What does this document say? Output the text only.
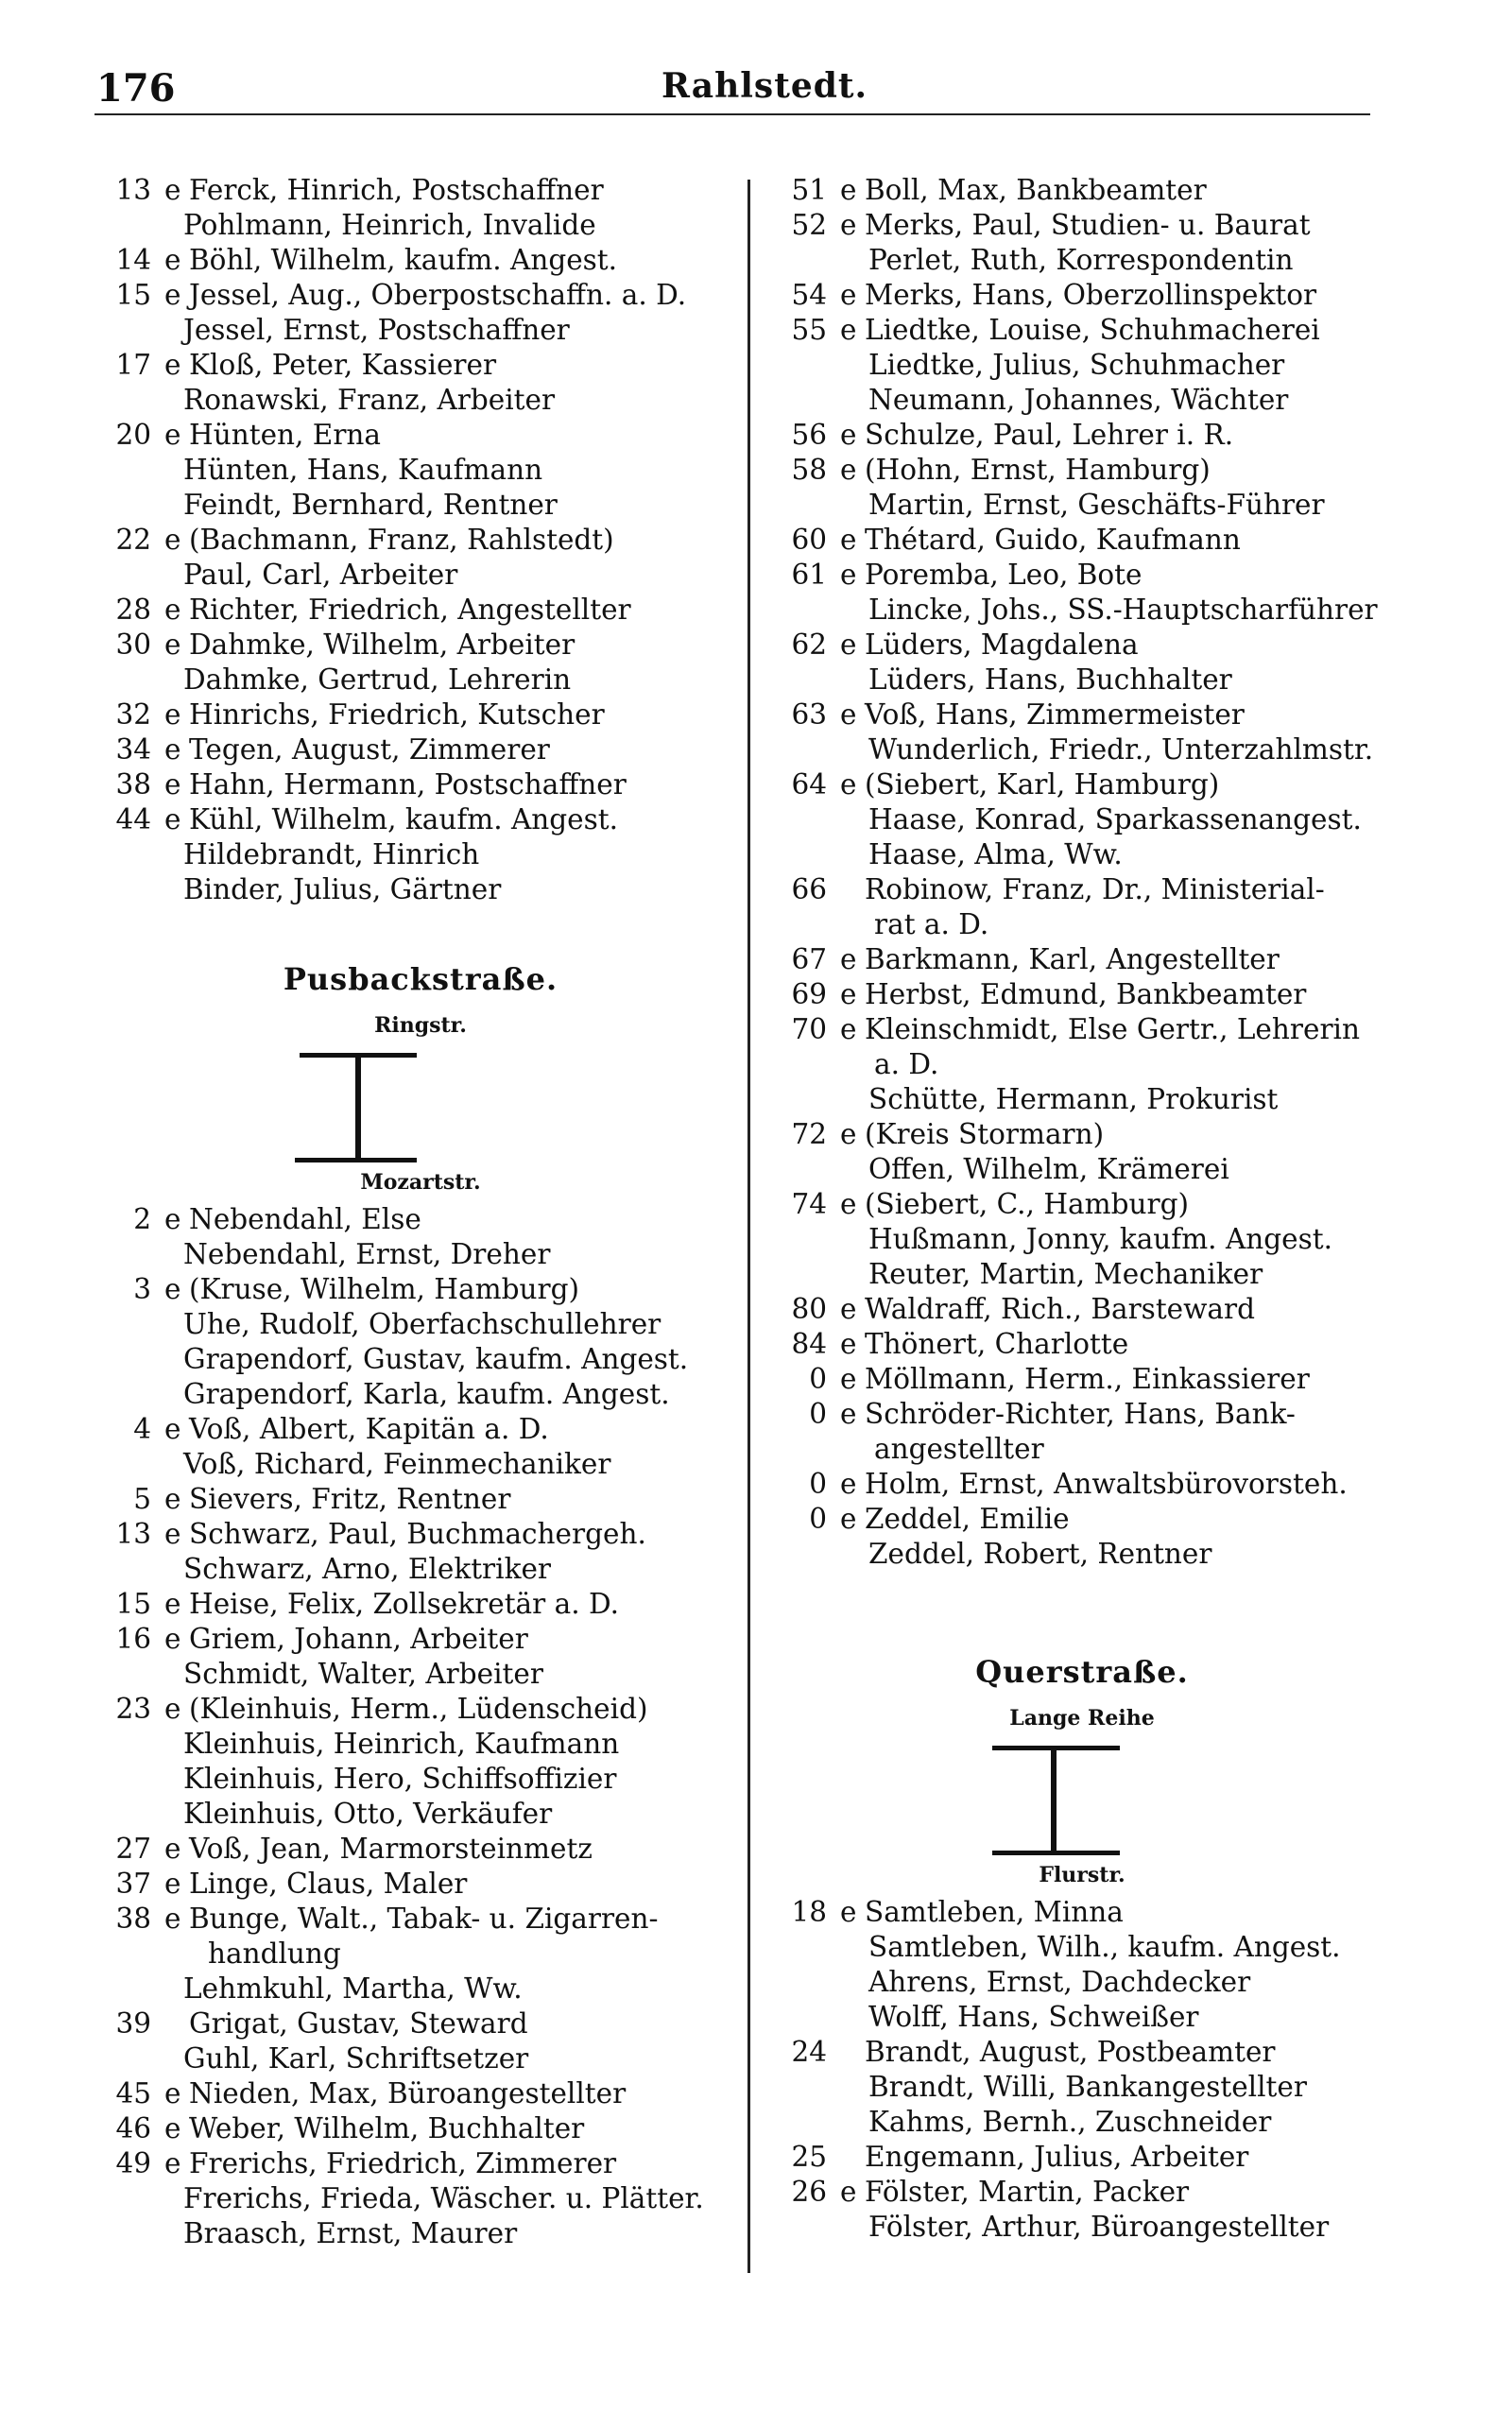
176	Rahlstedt.
13 e Ferck, Hinrich, Postschaffner
Pohlmann, Heinrich, Invalide
14 e Böhl, Wilhelm, kaufm. Angest.
15 e Jessel, Aug., Oberpostschaffn. a. D.
Jessel, Ernst, Postschaffner
17 e Kloß, Peter, Kassierer
Ronawski, Franz, Arbeiter
20 e Hünten, Erna
Hünten, Hans, Kaufmann
Feindt, Bernhard, Rentner
22 e (Bachmann, Franz, Rahlstedt)
Paul, Carl, Arbeiter
28 e Richter, Friedrich, Angestellter
30 e Dahmke, Wilhelm, Arbeiter
Dahmke, Gertrud, Lehrerin
32 e Hinrichs, Friedrich, Kutscher
34 e Tegen, August, Zimmerer
38 e Hahn, Hermann, Postschaffner
44 e Kühl, Wilhelm, kaufm. Angest.
Hildebrandt, Hinrich
Binder, Julius, Gärtner
Pusbackstraße.
Ringstr.
Mozartstr.
2 e Nebendahl, Else
Nebendahl, Ernst, Dreher
3 e (Kruse, Wilhelm, Hamburg)
Uhe, Rudolf, Oberfachschullehrer
Grapendorf, Gustav, kaufm. Angest.
Grapendorf, Karla, kaufm. Angest.
4 e Voß, Albert, Kapitän a. D.
Voß, Richard, Feinmechaniker
5 e Sievers, Fritz, Rentner
13 e Schwarz, Paul, Buchmachergeh.
Schwarz, Arno, Elektriker
15 e Heise, Felix, Zollsekretär a. D.
16 e Griem, Johann, Arbeiter
Schmidt, Walter, Arbeiter
23 e (Kleinhuis, Herm., Lüdenscheid)
Kleinhuis, Heinrich, Kaufmann
Kleinhuis, Hero, Schiffsoffizier
Kleinhuis, Otto, Verkäufer
27 e Voß, Jean, Marmorsteinmetz
37 e Linge, Claus, Maler
38 e Bunge, Walt., Tabak- u. Zigarren-
handlung
Lehmkuhl, Martha, Ww.
39 Grigat, Gustav, Steward
Guhl, Karl, Schriftsetzer
45 e Nieden, Max, Büroangestellter
46 e Weber, Wilhelm, Buchhalter
49 e Frerichs, Friedrich, Zimmerer
Frerichs, Frieda, Wäscher. u. Plätter.
Braasch, Ernst, Maurer
51 e Boll, Max, Bankbeamter
52 e Merks, Paul, Studien- u. Baurat
Perlet, Ruth, Korrespondentin
54 e Merks, Hans, Oberzollinspektor
55 e Liedtke, Louise, Schuhmacherei
Liedtke, Julius, Schuhmacher
Neumann, Johannes, Wächter
56 e Schulze, Paul, Lehrer i. R.
58 e (Hohn, Ernst, Hamburg)
Martin, Ernst, Geschäfts-Führer
60 e Thétard, Guido, Kaufmann
61 e Poremba, Leo, Bote
Lincke, Johs., SS.-Hauptscharführer
62 e Lüders, Magdalena
Lüders, Hans, Buchhalter
63 e Voß, Hans, Zimmermeister
Wunderlich, Friedr., Unterzahlmstr.
64 e (Siebert, Karl, Hamburg)
Haase, Konrad, Sparkassenangest.
Haase, Alma, Ww.
66 Robinow, Franz, Dr., Ministerial-
rat a. D.
67 e Barkmann, Karl, Angestellter
69 e Herbst, Edmund, Bankbeamter
70 e Kleinschmidt, Else Gertr., Lehrerin
a. D.
Schütte, Hermann, Prokurist
72 e (Kreis Stormarn)
Offen, Wilhelm, Krämerei
74 e (Siebert, C., Hamburg)
Hußmann, Jonny, kaufm. Angest.
Reuter, Martin, Mechaniker
80 e Waldraff, Rich., Barsteward
84 e Thönert, Charlotte
0 e Möllmann, Herm., Einkassierer
0 e Schröder-Richter, Hans, Bank-
angestellter
0 e Holm, Ernst, Anwaltsbürovorsteh.
0 e Zeddel, Emilie
Zeddel, Robert, Rentner
Querstraße.
Lange Reihe
Flurstr.
18 e Samtleben, Minna
Samtleben, Wilh., kaufm. Angest.
Ahrens, Ernst, Dachdecker
Wolff, Hans, Schweißer
24 Brandt, August, Postbeamter
Brandt, Willi, Bankangestellter
Kahms, Bernh., Zuschneider
25 Engemann, Julius, Arbeiter
26 e Fölster, Martin, Packer
Fölster, Arthur, Büroangestellter
